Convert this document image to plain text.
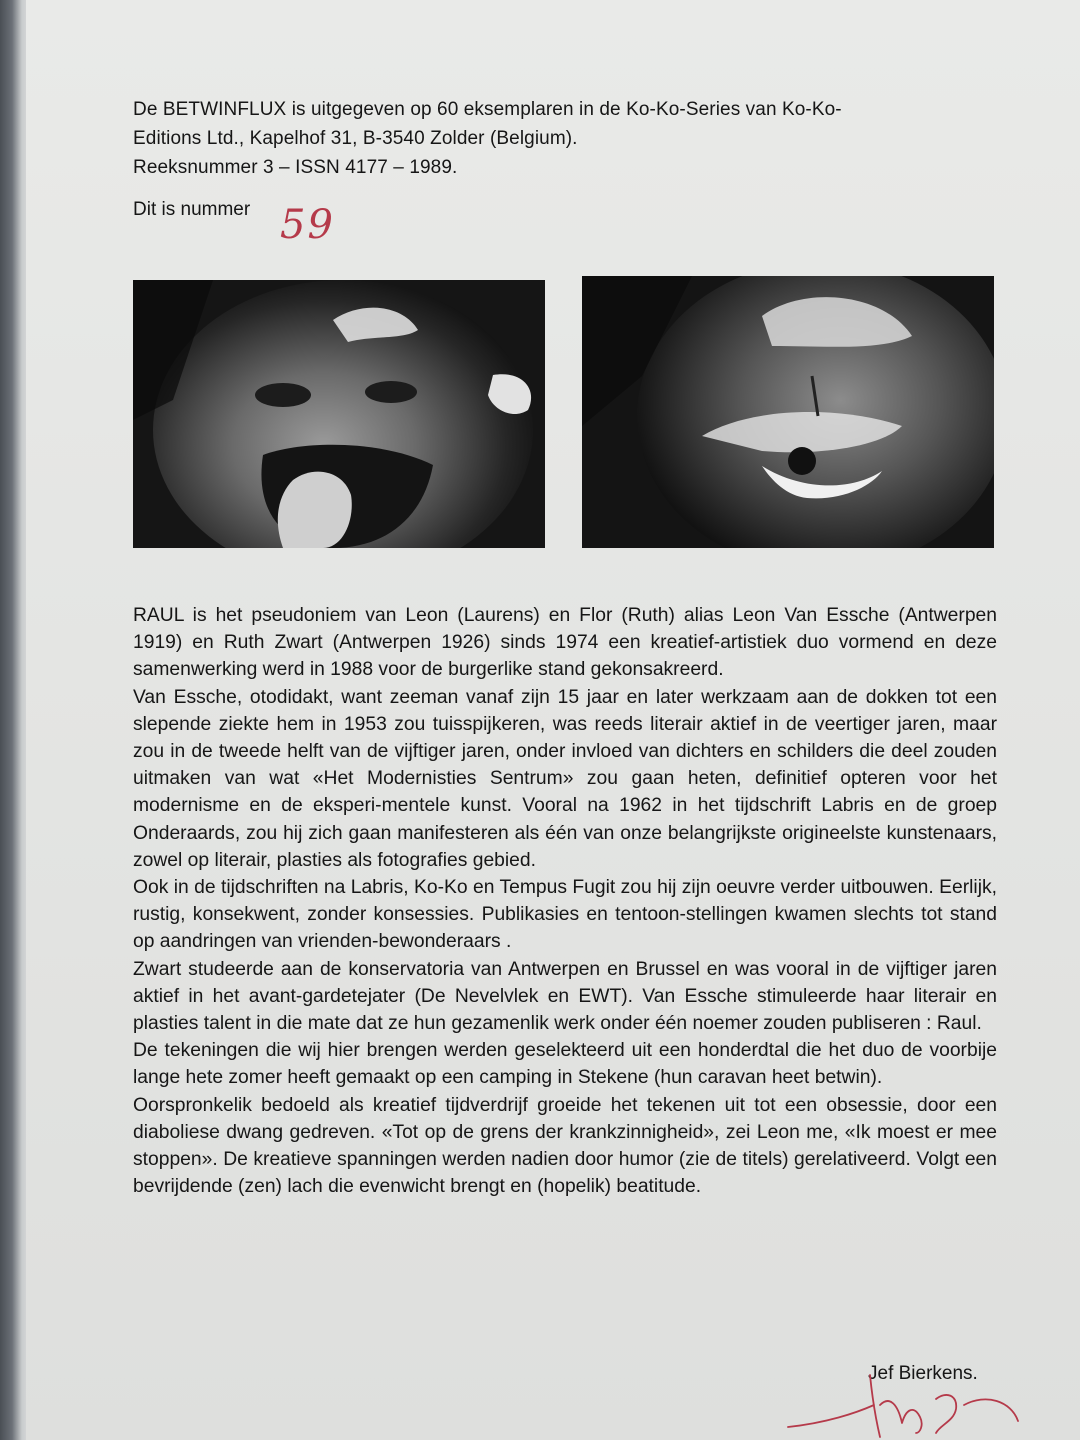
De BETWINFLUX is uitgegeven op 60 eksemplaren in de Ko-Ko-Series van Ko-Ko-

Editions Ltd., Kapelhof 31, B-3540 Zolder (Belgium).

Reeksnummer 3 – ISSN 4177 – 1989.

Dit is nummer 59

RAUL is het pseudoniem van Leon (Laurens) en Flor (Ruth) alias Leon Van Essche (Antwerpen 1919) en Ruth Zwart (Antwerpen 1926) sinds 1974 een kreatief-artistiek duo vormend en deze samenwerking werd in 1988 voor de burgerlike stand gekonsakreerd.

Van Essche, otodidakt, want zeeman vanaf zijn 15 jaar en later werkzaam aan de dokken tot een slepende ziekte hem in 1953 zou tuisspijkeren, was reeds literair aktief in de veertiger jaren, maar zou in de tweede helft van de vijftiger jaren, onder invloed van dichters en schilders die deel zouden uitmaken van wat «Het Modernisties Sentrum» zou gaan heten, definitief opteren voor het modernisme en de eksperi-mentele kunst. Vooral na 1962 in het tijdschrift Labris en de groep Onderaards, zou hij zich gaan manifesteren als één van onze belangrijkste origineelste kunstenaars, zowel op literair, plasties als fotografies gebied.

Ook in de tijdschriften na Labris, Ko-Ko en Tempus Fugit zou hij zijn oeuvre verder uitbouwen. Eerlijk, rustig, konsekwent, zonder konsessies. Publikasies en tentoon-stellingen kwamen slechts tot stand op aandringen van vrienden-bewonderaars .

Zwart studeerde aan de konservatoria van Antwerpen en Brussel en was vooral in de vijftiger jaren aktief in het avant-gardetejater (De Nevelvlek en EWT). Van Essche stimuleerde haar literair en plasties talent in die mate dat ze hun gezamenlik werk onder één noemer zouden publiseren : Raul.

De tekeningen die wij hier brengen werden geselekteerd uit een honderdtal die het duo de voorbije lange hete zomer heeft gemaakt op een camping in Stekene (hun caravan heet betwin).

Oorspronkelik bedoeld als kreatief tijdverdrijf groeide het tekenen uit tot een obsessie, door een diaboliese dwang gedreven. «Tot op de grens der krankzinnigheid», zei Leon me, «Ik moest er mee stoppen». De kreatieve spanningen werden nadien door humor (zie de titels) gerelativeerd. Volgt een bevrijdende (zen) lach die evenwicht brengt en (hopelik) beatitude.

Jef Bierkens.
